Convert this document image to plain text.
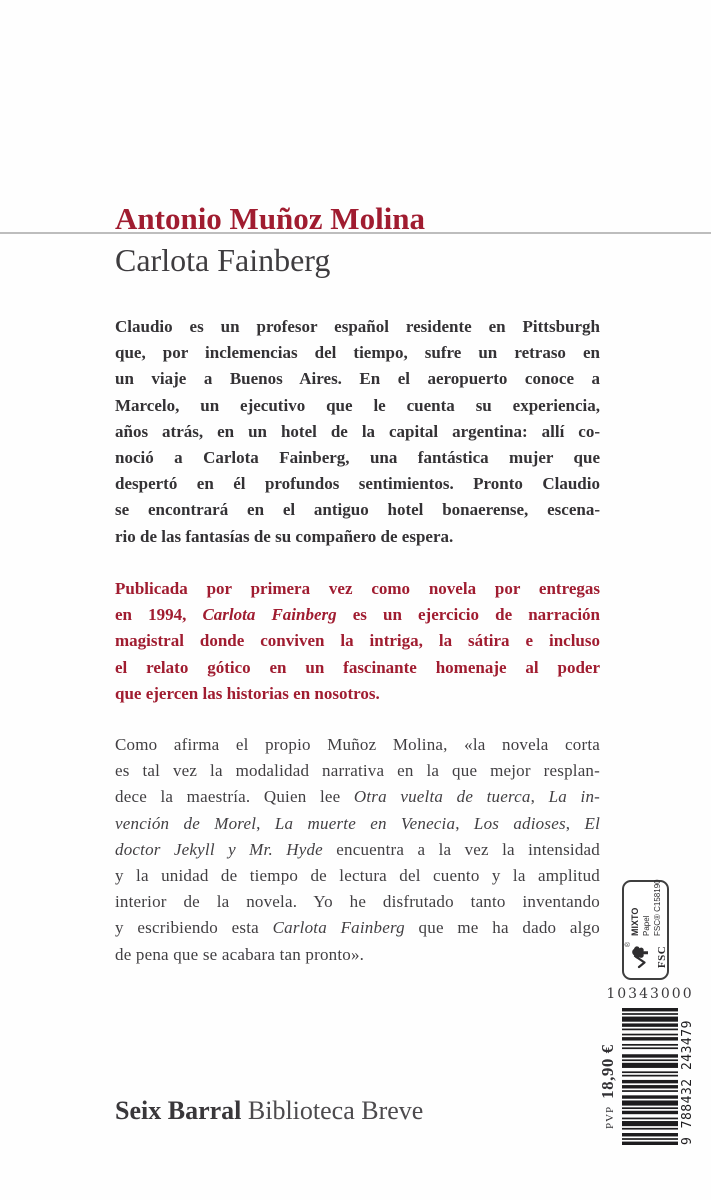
Antonio Muñoz Molina
Carlota Fainberg
Claudio es un profesor español residente en Pittsburgh
que, por inclemencias del tiempo, sufre un retraso en
un viaje a Buenos Aires. En el aeropuerto conoce a
Marcelo, un ejecutivo que le cuenta su experiencia,
años atrás, en un hotel de la capital argentina: allí co-
noció a Carlota Fainberg, una fantástica mujer que
despertó en él profundos sentimientos. Pronto Claudio
se encontrará en el antiguo hotel bonaerense, escena-
rio de las fantasías de su compañero de espera.
Publicada por primera vez como novela por entregas
en 1994, Carlota Fainberg es un ejercicio de narración
magistral donde conviven la intriga, la sátira e incluso
el relato gótico en un fascinante homenaje al poder
que ejercen las historias en nosotros.
Como afirma el propio Muñoz Molina, «la novela corta
es tal vez la modalidad narrativa en la que mejor resplan-
dece la maestría. Quien lee Otra vuelta de tuerca, La in-
vención de Morel, La muerte en Venecia, Los adioses, El
doctor Jekyll y Mr. Hyde encuentra a la vez la intensidad
y la unidad de tiempo de lectura del cuento y la amplitud
interior de la novela. Yo he disfrutado tanto inventando
y escribiendo esta Carlota Fainberg que me ha dado algo
de pena que se acabara tan pronto».
®
FSC
MIXTO Papel FSC® C158190
10343000
PVP
18,90 €	9 788432 243479
Seix Barral Biblioteca Breve
